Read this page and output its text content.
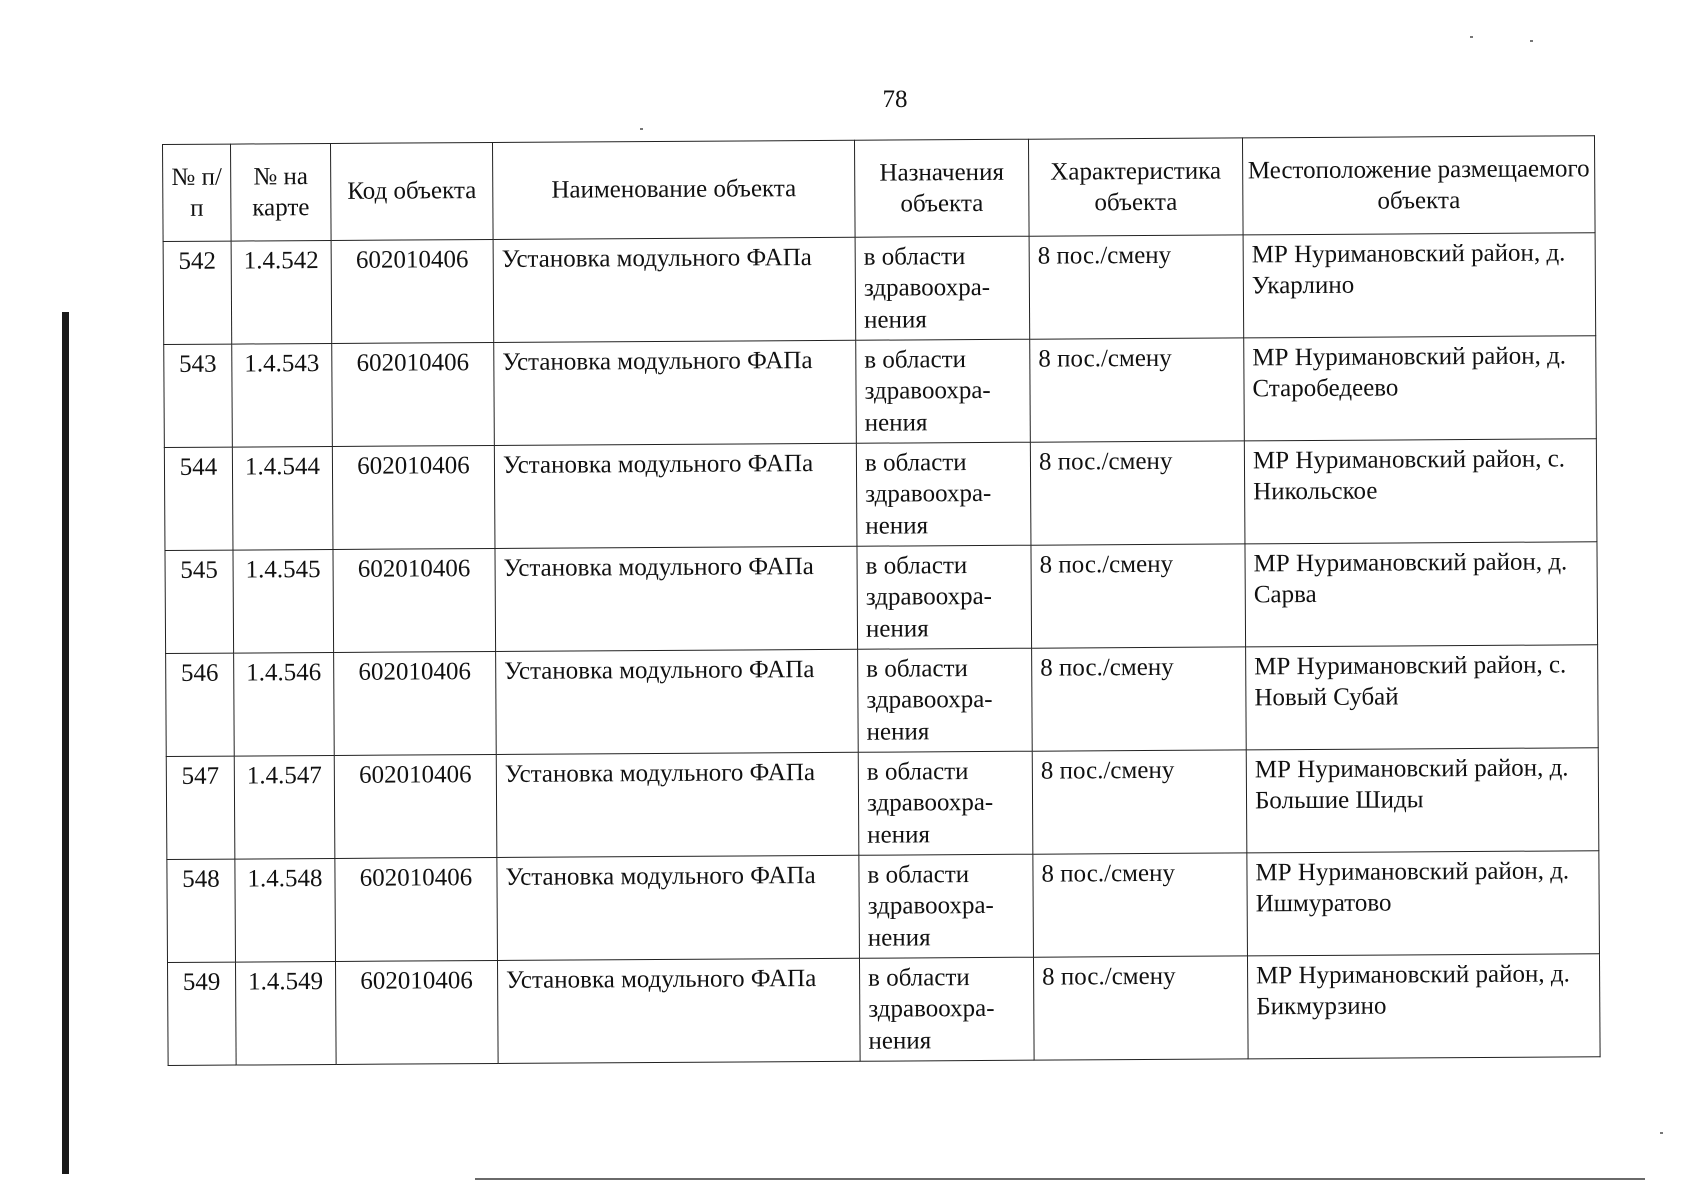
78
№ п/п	№ на карте	Код объекта	Наименование объекта	Назначения объекта	Характеристика объекта	Местоположение размещаемого объекта
542	1.4.542	602010406	Установка модульного ФАПа	в области здравоохра-нения	8 пос./смену	МР Нуримановский район, д. Укарлино
543	1.4.543	602010406	Установка модульного ФАПа	в области здравоохра-нения	8 пос./смену	МР Нуримановский район, д. Старобедеево
544	1.4.544	602010406	Установка модульного ФАПа	в области здравоохра-нения	8 пос./смену	МР Нуримановский район, с. Никольское
545	1.4.545	602010406	Установка модульного ФАПа	в области здравоохра-нения	8 пос./смену	МР Нуримановский район, д. Сарва
546	1.4.546	602010406	Установка модульного ФАПа	в области здравоохра-нения	8 пос./смену	МР Нуримановский район, с. Новый Субай
547	1.4.547	602010406	Установка модульного ФАПа	в области здравоохра-нения	8 пос./смену	МР Нуримановский район, д. Большие Шиды
548	1.4.548	602010406	Установка модульного ФАПа	в области здравоохра-нения	8 пос./смену	МР Нуримановский район, д. Ишмуратово
549	1.4.549	602010406	Установка модульного ФАПа	в области здравоохра-нения	8 пос./смену	МР Нуримановский район, д. Бикмурзино
